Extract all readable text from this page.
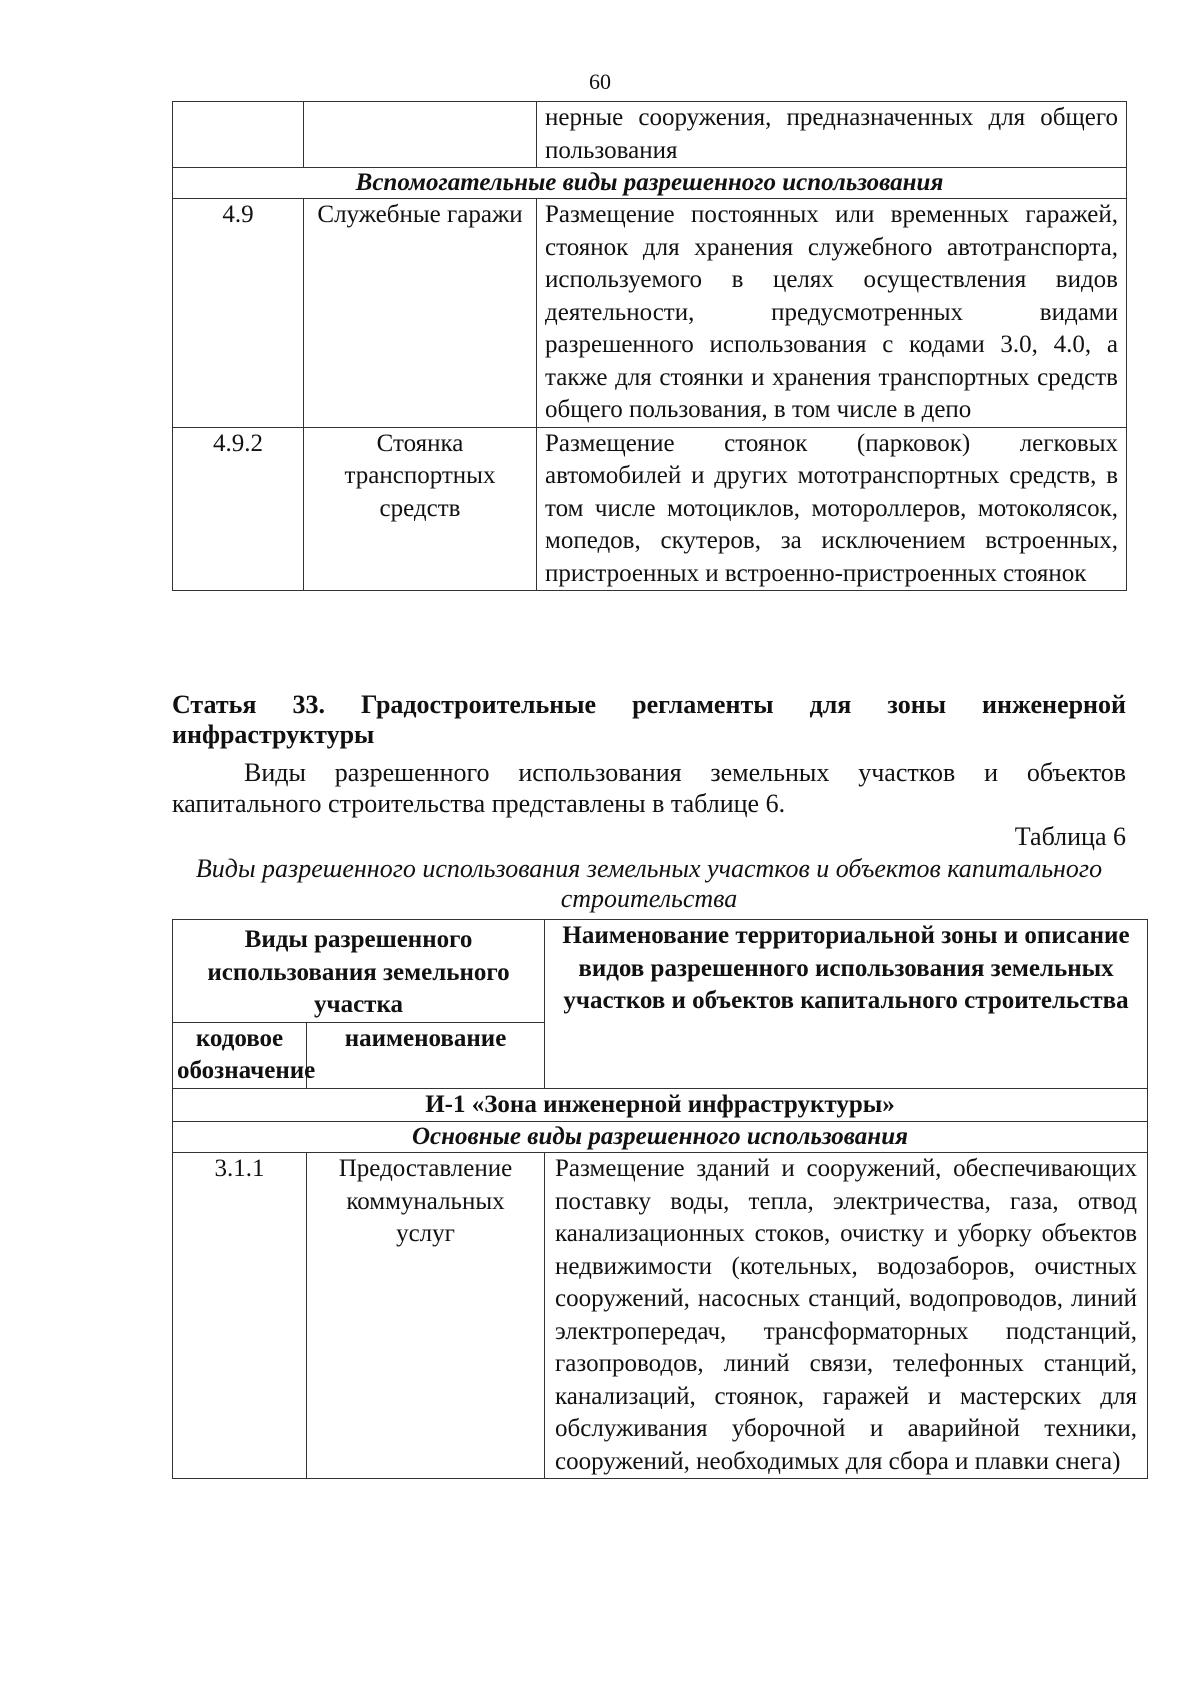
60
		нерные сооружения, предназначенных для общего пользования
Вспомогательные виды разрешенного использования		
4.9	Служебные гаражи	Размещение постоянных или временных гаражей, стоянок для хранения служебного автотранспорта, используемого в целях осуществления видов деятельности, предусмотренных видами разрешенного использования с кодами 3.0, 4.0, а также для стоянки и хранения транспортных средств общего пользования, в том числе в депо
4.9.2	Стоянка транспортных средств	Размещение стоянок (парковок) легковых автомобилей и других мототранспортных средств, в том числе мотоциклов, мотороллеров, мотоколясок, мопедов, скутеров, за исключением встроенных, пристроенных и встроенно-пристроенных стоянок
Статья 33. Градостроительные регламенты для зоны инженерной инфраструктуры
Виды разрешенного использования земельных участков и объектов капитального строительства представлены в таблице 6.
Таблица 6
Виды разрешенного использования земельных участков и объектов капитального строительства
Виды разрешенного использования земельного участка		Наименование территориальной зоны и описание видов разрешенного использования земельных участков и объектов капитального строительства
кодовое обозначение	наименование	
И-1 «Зона инженерной инфраструктуры»		
Основные виды разрешенного использования		
3.1.1	Предоставление коммунальных услуг	Размещение зданий и сооружений, обеспечивающих поставку воды, тепла, электричества, газа, отвод канализационных стоков, очистку и уборку объектов недвижимости (котельных, водозаборов, очистных сооружений, насосных станций, водопроводов, линий электропередач, трансформаторных подстанций, газопроводов, линий связи, телефонных станций, канализаций, стоянок, гаражей и мастерских для обслуживания уборочной и аварийной техники, сооружений, необходимых для сбора и плавки снега)
